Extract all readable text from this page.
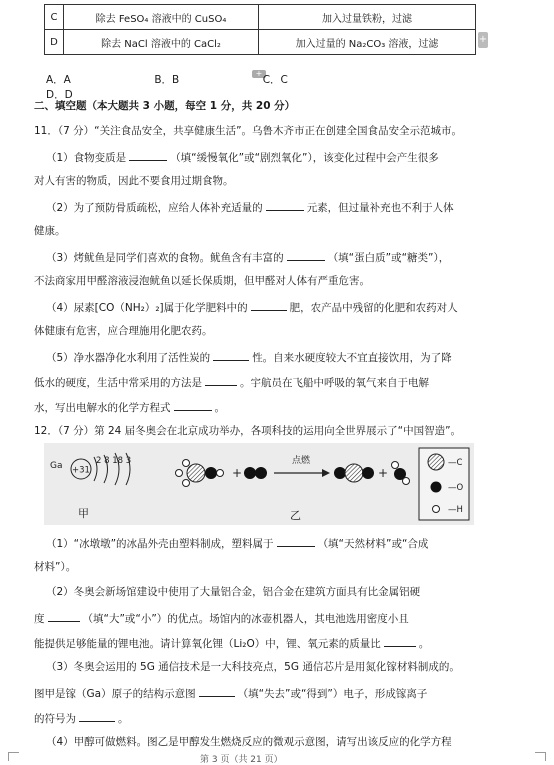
C	除去 FeSO₄ 溶液中的 CuSO₄	加入过量铁粉，过滤
D	除去 NaCl 溶液中的 CaCl₂	加入过量的 Na₂CO₃ 溶液，过滤	+
+
A．A	B．B	C．C D．D
二、填空题（本大题共 3 小题，每空 1 分，共 20 分）
11．（7 分）“关注食品安全，共享健康生活”。乌鲁木齐市正在创建全国食品安全示范城市。
（1）食物变质是	（填“缓慢氧化”或“剧烈氧化”），该变化过程中会产生很多
对人有害的物质，因此不要食用过期食物。
（2）为了预防骨质疏松，应给人体补充适量的	元素，但过量补充也不利于人体
健康。
（3）烤鱿鱼是同学们喜欢的食物。鱿鱼含有丰富的	（填“蛋白质”或“糖类”），
不法商家用甲醛溶液浸泡鱿鱼以延长保质期，但甲醛对人体有严重危害。
（4）尿素[CO（NH₂）₂]属于化学肥料中的	肥，农产品中残留的化肥和农药对人
体健康有危害，应合理施用化肥农药。
（5）净水器净化水利用了活性炭的	性。自来水硬度较大不宜直接饮用，为了降
低水的硬度，生活中常采用的方法是	。宇航员在飞船中呼吸的氧气来自于电解
水，写出电解水的化学方程式	。
12．（7 分）第 24 届冬奥会在北京成功举办，各项科技的运用向全世界展示了“中国智造”。
Ga +31
2 8 18 3
甲
+
点燃
+
乙
—C
—O
—H
（1）“冰墩墩”的冰晶外壳由塑料制成，塑料属于	（填“天然材料”或“合成
材料”）。
（2）冬奥会新场馆建设中使用了大量铝合金，铝合金在建筑方面具有比金属铝硬
度	（填“大”或“小”）的优点。场馆内的冰壶机器人，其电池选用密度小且
能提供足够能量的锂电池。请计算氧化锂（Li₂O）中，锂、氧元素的质量比	。
（3）冬奥会运用的 5G 通信技术是一大科技亮点，5G 通信芯片是用氮化镓材料制成的。
图甲是镓（Ga）原子的结构示意图	（填“失去”或“得到”）电子，形成镓离子
的符号为	。
（4）甲醇可做燃料。图乙是甲醇发生燃烧反应的微观示意图，请写出该反应的化学方程
第 3 页（共 21 页）
